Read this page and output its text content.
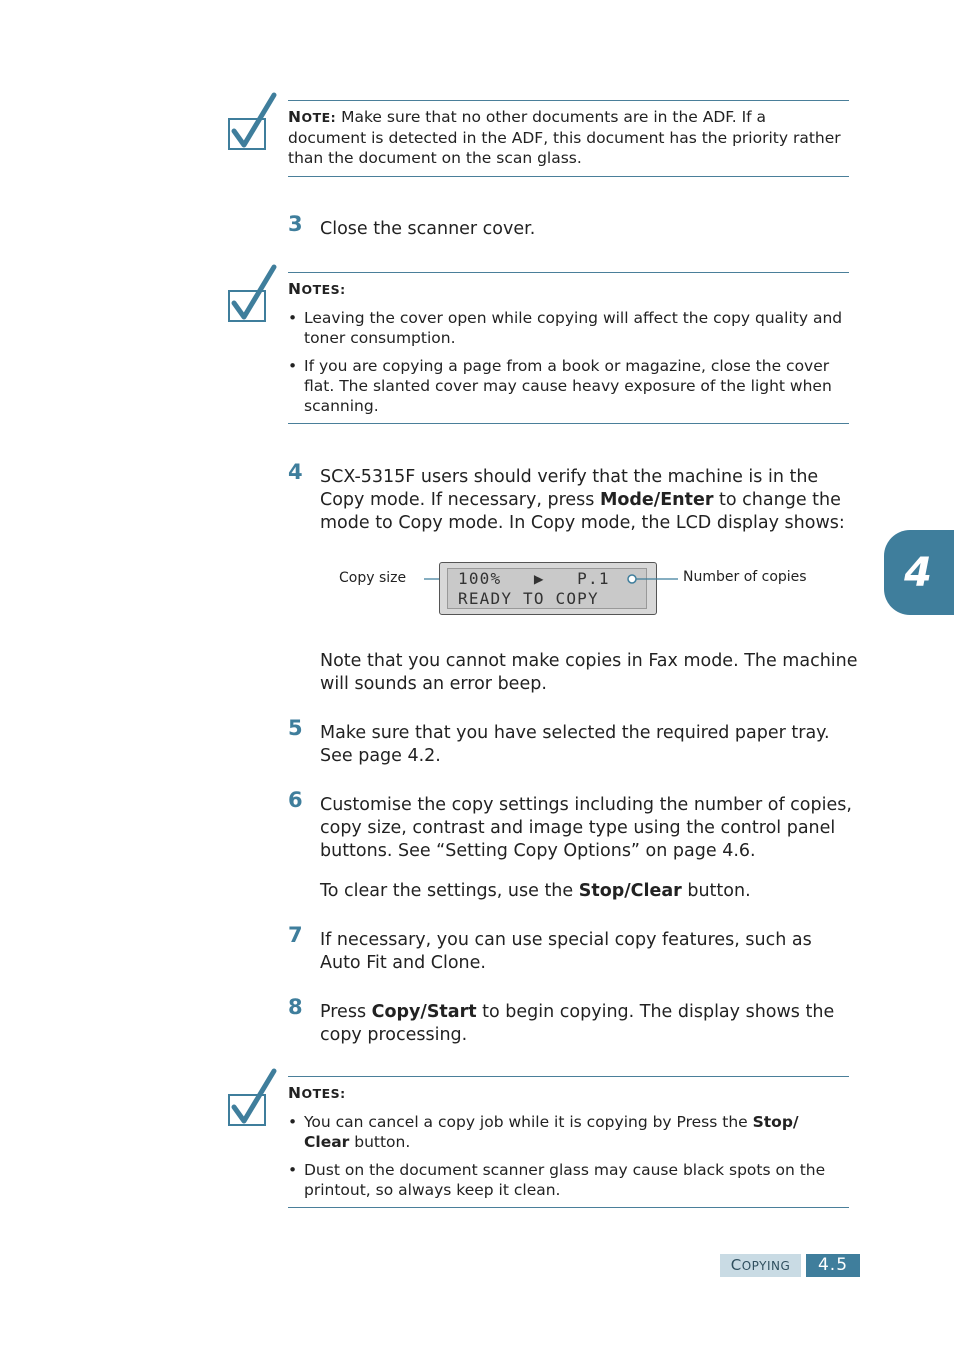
NOTE: Make sure that no other documents are in the ADF. If a document is detected in the ADF, this document has the priority rather than the document on the scan glass.
3 Close the scanner cover.
NOTES:
• Leaving the cover open while copying will affect the copy quality and toner consumption.
• If you are copying a page from a book or magazine, close the cover flat. The slanted cover may cause heavy exposure of the light when scanning.
4 SCX-5315F users should verify that the machine is in the Copy mode. If necessary, press Mode/Enter to change the mode to Copy mode. In Copy mode, the LCD display shows:
Copy size	100%   ▶   P.1
READY TO COPY
Number of copies
Note that you cannot make copies in Fax mode. The machine will sounds an error beep.
5 Make sure that you have selected the required paper tray. See page 4.2.
6 Customise the copy settings including the number of copies, copy size, contrast and image type using the control panel buttons. See “Setting Copy Options” on page 4.6.
To clear the settings, use the Stop/Clear button.
7 If necessary, you can use special copy features, such as Auto Fit and Clone.
8 Press Copy/Start to begin copying. The display shows the copy processing.
NOTES:
• You can cancel a copy job while it is copying by Press the Stop/ Clear button.
• Dust on the document scanner glass may cause black spots on the printout, so always keep it clean.
4
COPYING	4.5
